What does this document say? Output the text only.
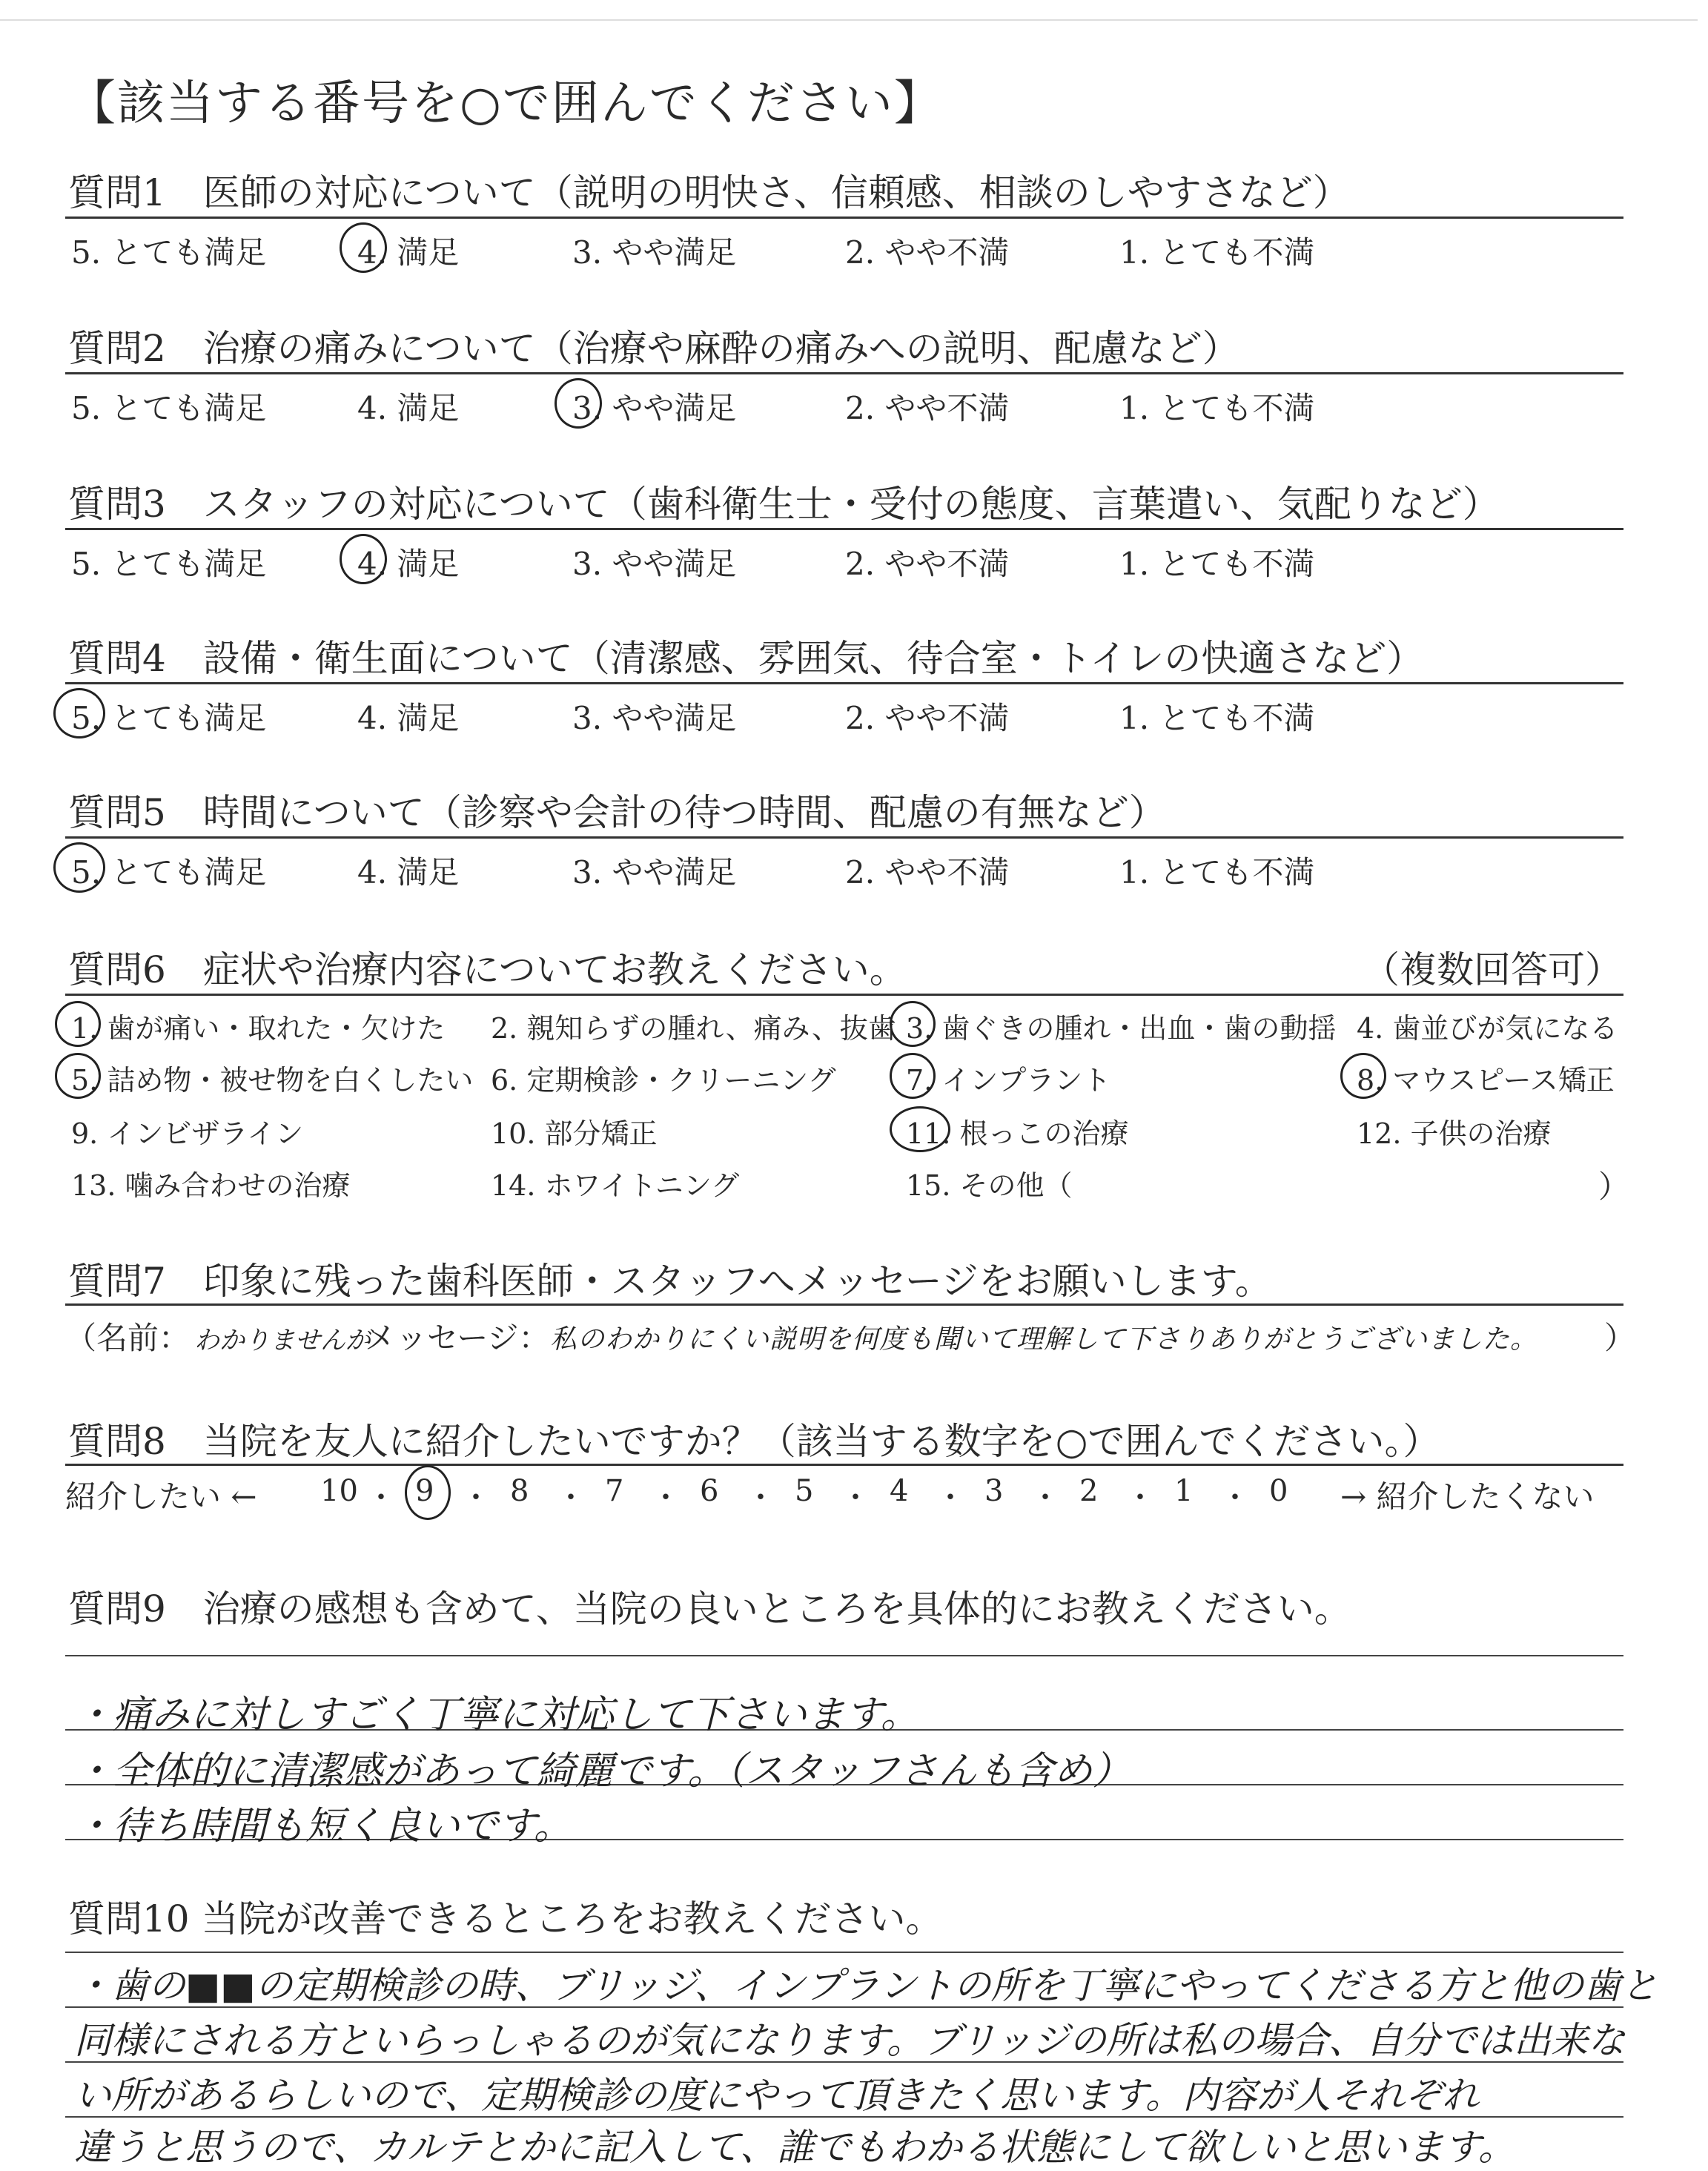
【該当する番号を○で囲んでください】
質問1　医師の対応について（説明の明快さ、信頼感、相談のしやすさなど）
5. とても満足	4. 満足	3. やや満足	2. やや不満	1. とても不満
質問2　治療の痛みについて（治療や麻酔の痛みへの説明、配慮など）
5. とても満足	4. 満足	3. やや満足	2. やや不満	1. とても不満
質問3　スタッフの対応について（歯科衛生士・受付の態度、言葉遣い、気配りなど）
5. とても満足	4. 満足	3. やや満足	2. やや不満	1. とても不満
質問4　設備・衛生面について（清潔感、雰囲気、待合室・トイレの快適さなど）
5. とても満足	4. 満足	3. やや満足	2. やや不満	1. とても不満
質問5　時間について（診察や会計の待つ時間、配慮の有無など）
5. とても満足	4. 満足	3. やや満足	2. やや不満	1. とても不満
質問6　症状や治療内容についてお教えください。	（複数回答可）
1. 歯が痛い・取れた・欠けた 2. 親知らずの腫れ、痛み、抜歯 3. 歯ぐきの腫れ・出血・歯の動揺 4. 歯並びが気になる
5. 詰め物・被せ物を白くしたい 6. 定期検診・クリーニング 7. インプラント	8. マウスピース矯正
9. インビザライン	10. 部分矯正	11. 根っこの治療	12. 子供の治療
13. 噛み合わせの治療	14. ホワイトニング	15. その他（	）
質問7　印象に残った歯科医師・スタッフへメッセージをお願いします。
（名前： わかりませんが
メッセージ： 私のわかりにくい説明を何度も聞いて理解して下さりありがとうございました。 ）
質問8　当院を友人に紹介したいですか？（該当する数字を○で囲んでください。）
紹介したい ←	→ 紹介したくない
10 ・ 9 ・ 8 ・ 7 ・ 6 ・ 5 ・ 4 ・ 3 ・ 2 ・ 1 ・ 0
質問9　治療の感想も含めて、当院の良いところを具体的にお教えください。
・痛みに対しすごく丁寧に対応して下さいます。
・全体的に清潔感があって綺麗です。（スタッフさんも含め）
・待ち時間も短く良いです。
質問10 当院が改善できるところをお教えください。
・歯の■■の定期検診の時、ブリッジ、インプラントの所を丁寧にやってくださる方と他の歯と
同様にされる方といらっしゃるのが気になります。ブリッジの所は私の場合、自分では出来な
い所があるらしいので、定期検診の度にやって頂きたく思います。内容が人それぞれ
違うと思うので、カルテとかに記入して、誰でもわかる状態にして欲しいと思います。
